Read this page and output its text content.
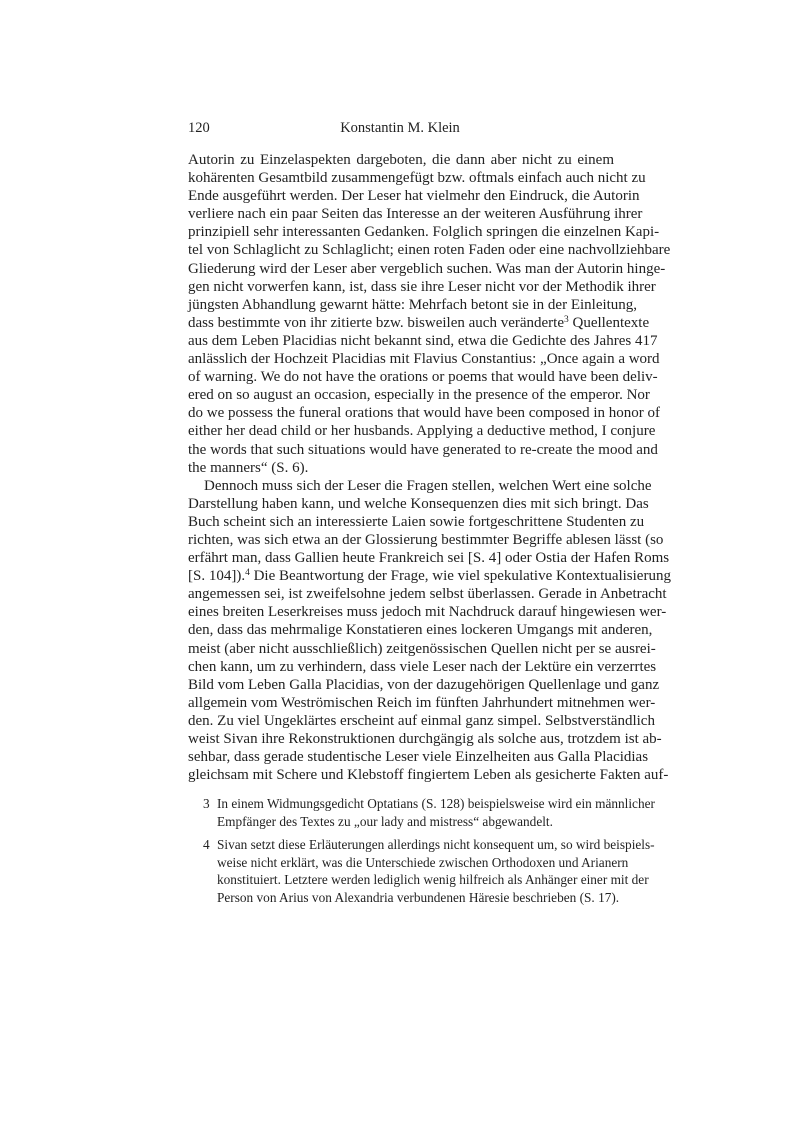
120	Konstantin M. Klein
Autorin zu Einzelaspekten dargeboten, die dann aber nicht zu einem
kohärenten Gesamtbild zusammengefügt bzw. oftmals einfach auch nicht zu
Ende ausgeführt werden. Der Leser hat vielmehr den Eindruck, die Autorin
verliere nach ein paar Seiten das Interesse an der weiteren Ausführung ihrer
prinzipiell sehr interessanten Gedanken. Folglich springen die einzelnen Kapi-
tel von Schlaglicht zu Schlaglicht; einen roten Faden oder eine nachvollziehbare
Gliederung wird der Leser aber vergeblich suchen. Was man der Autorin hinge-
gen nicht vorwerfen kann, ist, dass sie ihre Leser nicht vor der Methodik ihrer
jüngsten Abhandlung gewarnt hätte: Mehrfach betont sie in der Einleitung,
dass bestimmte von ihr zitierte bzw. bisweilen auch veränderte$^3$ Quellentexte
aus dem Leben Placidias nicht bekannt sind, etwa die Gedichte des Jahres 417
anlässlich der Hochzeit Placidias mit Flavius Constantius: „Once again a word
of warning. We do not have the orations or poems that would have been deliv-
ered on so august an occasion, especially in the presence of the emperor. Nor
do we possess the funeral orations that would have been composed in honor of
either her dead child or her husbands. Applying a deductive method, I conjure
the words that such situations would have generated to re-create the mood and
the manners“ (S. 6).
Dennoch muss sich der Leser die Fragen stellen, welchen Wert eine solche
Darstellung haben kann, und welche Konsequenzen dies mit sich bringt. Das
Buch scheint sich an interessierte Laien sowie fortgeschrittene Studenten zu
richten, was sich etwa an der Glossierung bestimmter Begriffe ablesen lässt (so
erfährt man, dass Gallien heute Frankreich sei [S. 4] oder Ostia der Hafen Roms
[S. 104]).$^4$ Die Beantwortung der Frage, wie viel spekulative Kontextualisierung
angemessen sei, ist zweifelsohne jedem selbst überlassen. Gerade in Anbetracht
eines breiten Leserkreises muss jedoch mit Nachdruck darauf hingewiesen wer-
den, dass das mehrmalige Konstatieren eines lockeren Umgangs mit anderen,
meist (aber nicht ausschließlich) zeitgenössischen Quellen nicht per se ausrei-
chen kann, um zu verhindern, dass viele Leser nach der Lektüre ein verzerrtes
Bild vom Leben Galla Placidias, von der dazugehörigen Quellenlage und ganz
allgemein vom Weströmischen Reich im fünften Jahrhundert mitnehmen wer-
den. Zu viel Ungeklärtes erscheint auf einmal ganz simpel. Selbstverständlich
weist Sivan ihre Rekonstruktionen durchgängig als solche aus, trotzdem ist ab-
sehbar, dass gerade studentische Leser viele Einzelheiten aus Galla Placidias
gleichsam mit Schere und Klebstoff fingiertem Leben als gesicherte Fakten auf-
3 In einem Widmungsgedicht Optatians (S. 128) beispielsweise wird ein männlicher
Empfänger des Textes zu „our lady and mistress“ abgewandelt.
4 Sivan setzt diese Erläuterungen allerdings nicht konsequent um, so wird beispiels-
weise nicht erklärt, was die Unterschiede zwischen Orthodoxen und Arianern
konstituiert. Letztere werden lediglich wenig hilfreich als Anhänger einer mit der
Person von Arius von Alexandria verbundenen Häresie beschrieben (S. 17).
